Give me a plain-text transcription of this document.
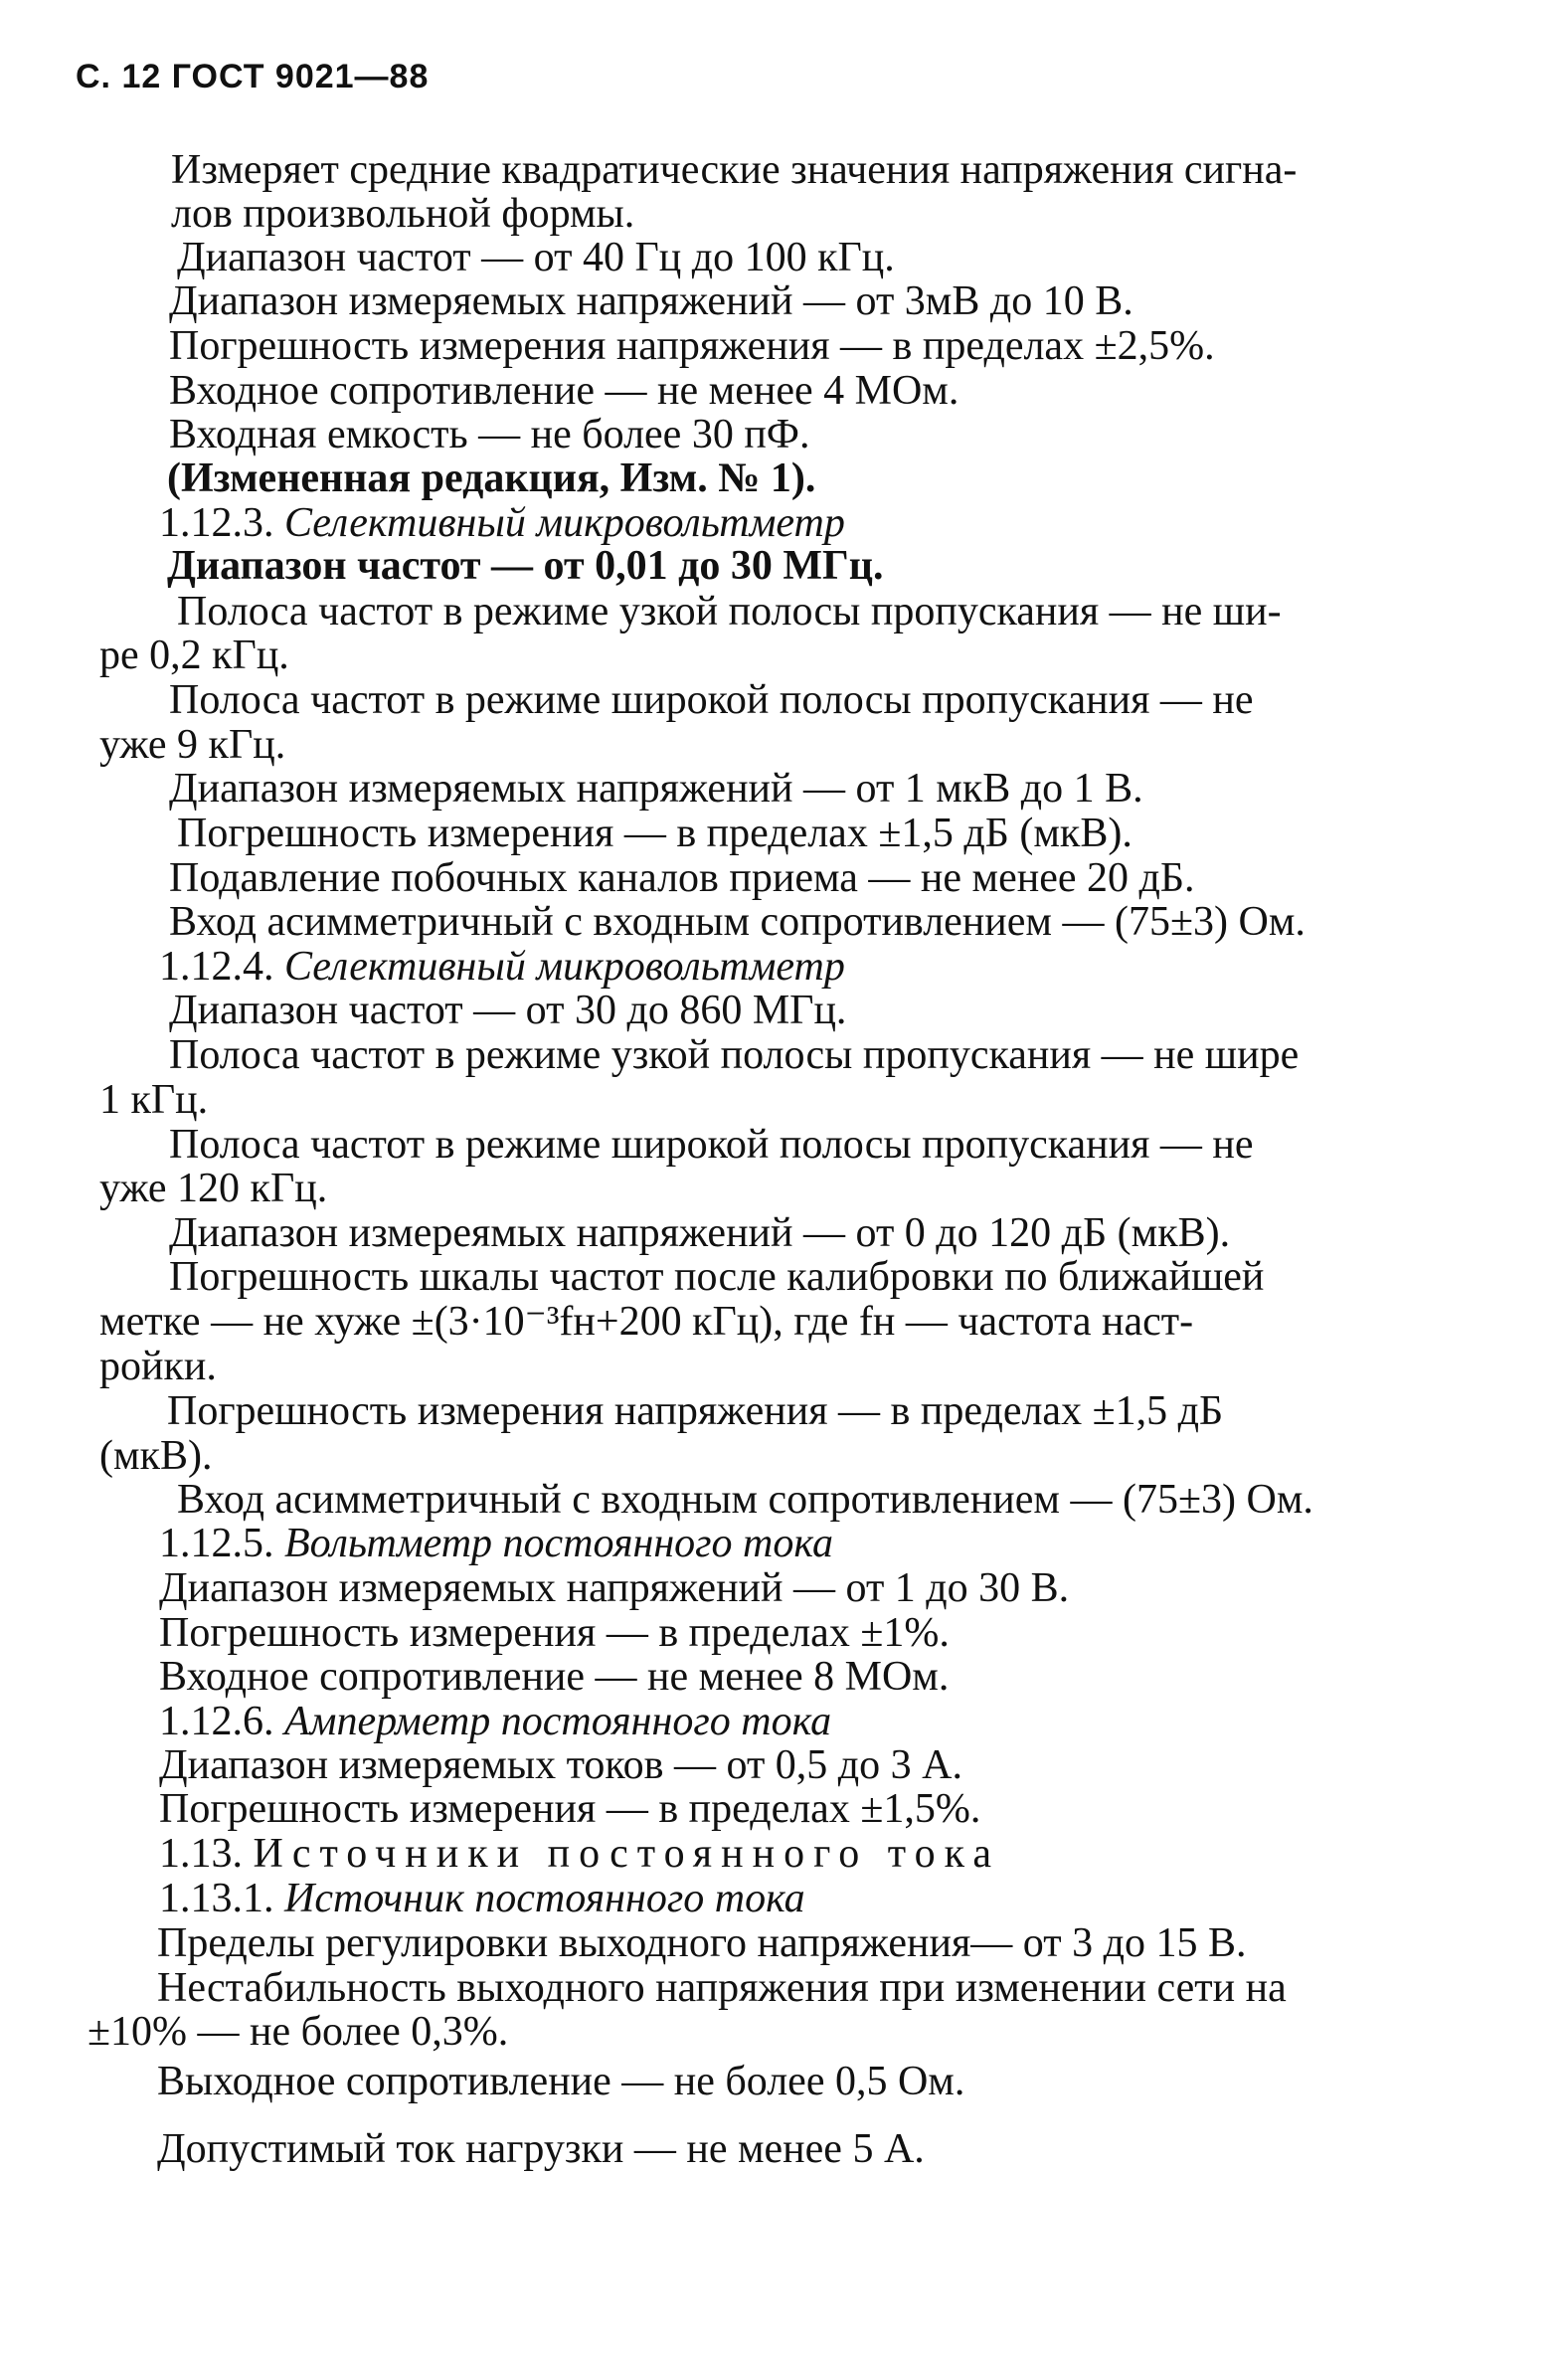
С. 12 ГОСТ 9021—88
Измеряет средние квадратические значения напряжения сигна-
лов произвольной формы.
Диапазон частот — от 40 Гц до 100 кГц.
Диапазон измеряемых напряжений — от 3мВ до 10 В.
Погрешность измерения напряжения — в пределах ±2,5%.
Входное сопротивление — не менее 4 МОм.
Входная емкость — не более 30 пФ.
(Измененная редакция, Изм. № 1).
1.12.3. Селективный микровольтметр
Диапазон частот — от 0,01 до 30 МГц.
Полоса частот в режиме узкой полосы пропускания — не ши-
ре 0,2 кГц.
Полоса частот в режиме широкой полосы пропускания — не
уже 9 кГц.
Диапазон измеряемых напряжений — от 1 мкВ до 1 В.
Погрешность измерения — в пределах ±1,5 дБ (мкВ).
Подавление побочных каналов приема — не менее 20 дБ.
Вход асимметричный с входным сопротивлением — (75±3) Ом.
1.12.4. Селективный микровольтметр
Диапазон частот — от 30 до 860 МГц.
Полоса частот в режиме узкой полосы пропускания — не шире
1 кГц.
Полоса частот в режиме широкой полосы пропускания — не
уже 120 кГц.
Диапазон измереямых напряжений — от 0 до 120 дБ (мкВ).
Погрешность шкалы частот после калибровки по ближайшей
метке — не хуже ±(3·10⁻³fн+200 кГц), где fн — частота наст-
ройки.
Погрешность измерения напряжения — в пределах ±1,5 дБ
(мкВ).
Вход асимметричный с входным сопротивлением — (75±3) Ом.
1.12.5. Вольтметр постоянного тока
Диапазон измеряемых напряжений — от 1 до 30 В.
Погрешность измерения — в пределах ±1%.
Входное сопротивление — не менее 8 МОм.
1.12.6. Амперметр постоянного тока
Диапазон измеряемых токов — от 0,5 до 3 А.
Погрешность измерения — в пределах ±1,5%.
1.13. Источники постоянного тока
1.13.1. Источник постоянного тока
Пределы регулировки выходного напряжения— от 3 до 15 В.
Нестабильность выходного напряжения при изменении сети на
±10% — не более 0,3%.
Выходное сопротивление — не более 0,5 Ом.
Допустимый ток нагрузки — не менее 5 А.
